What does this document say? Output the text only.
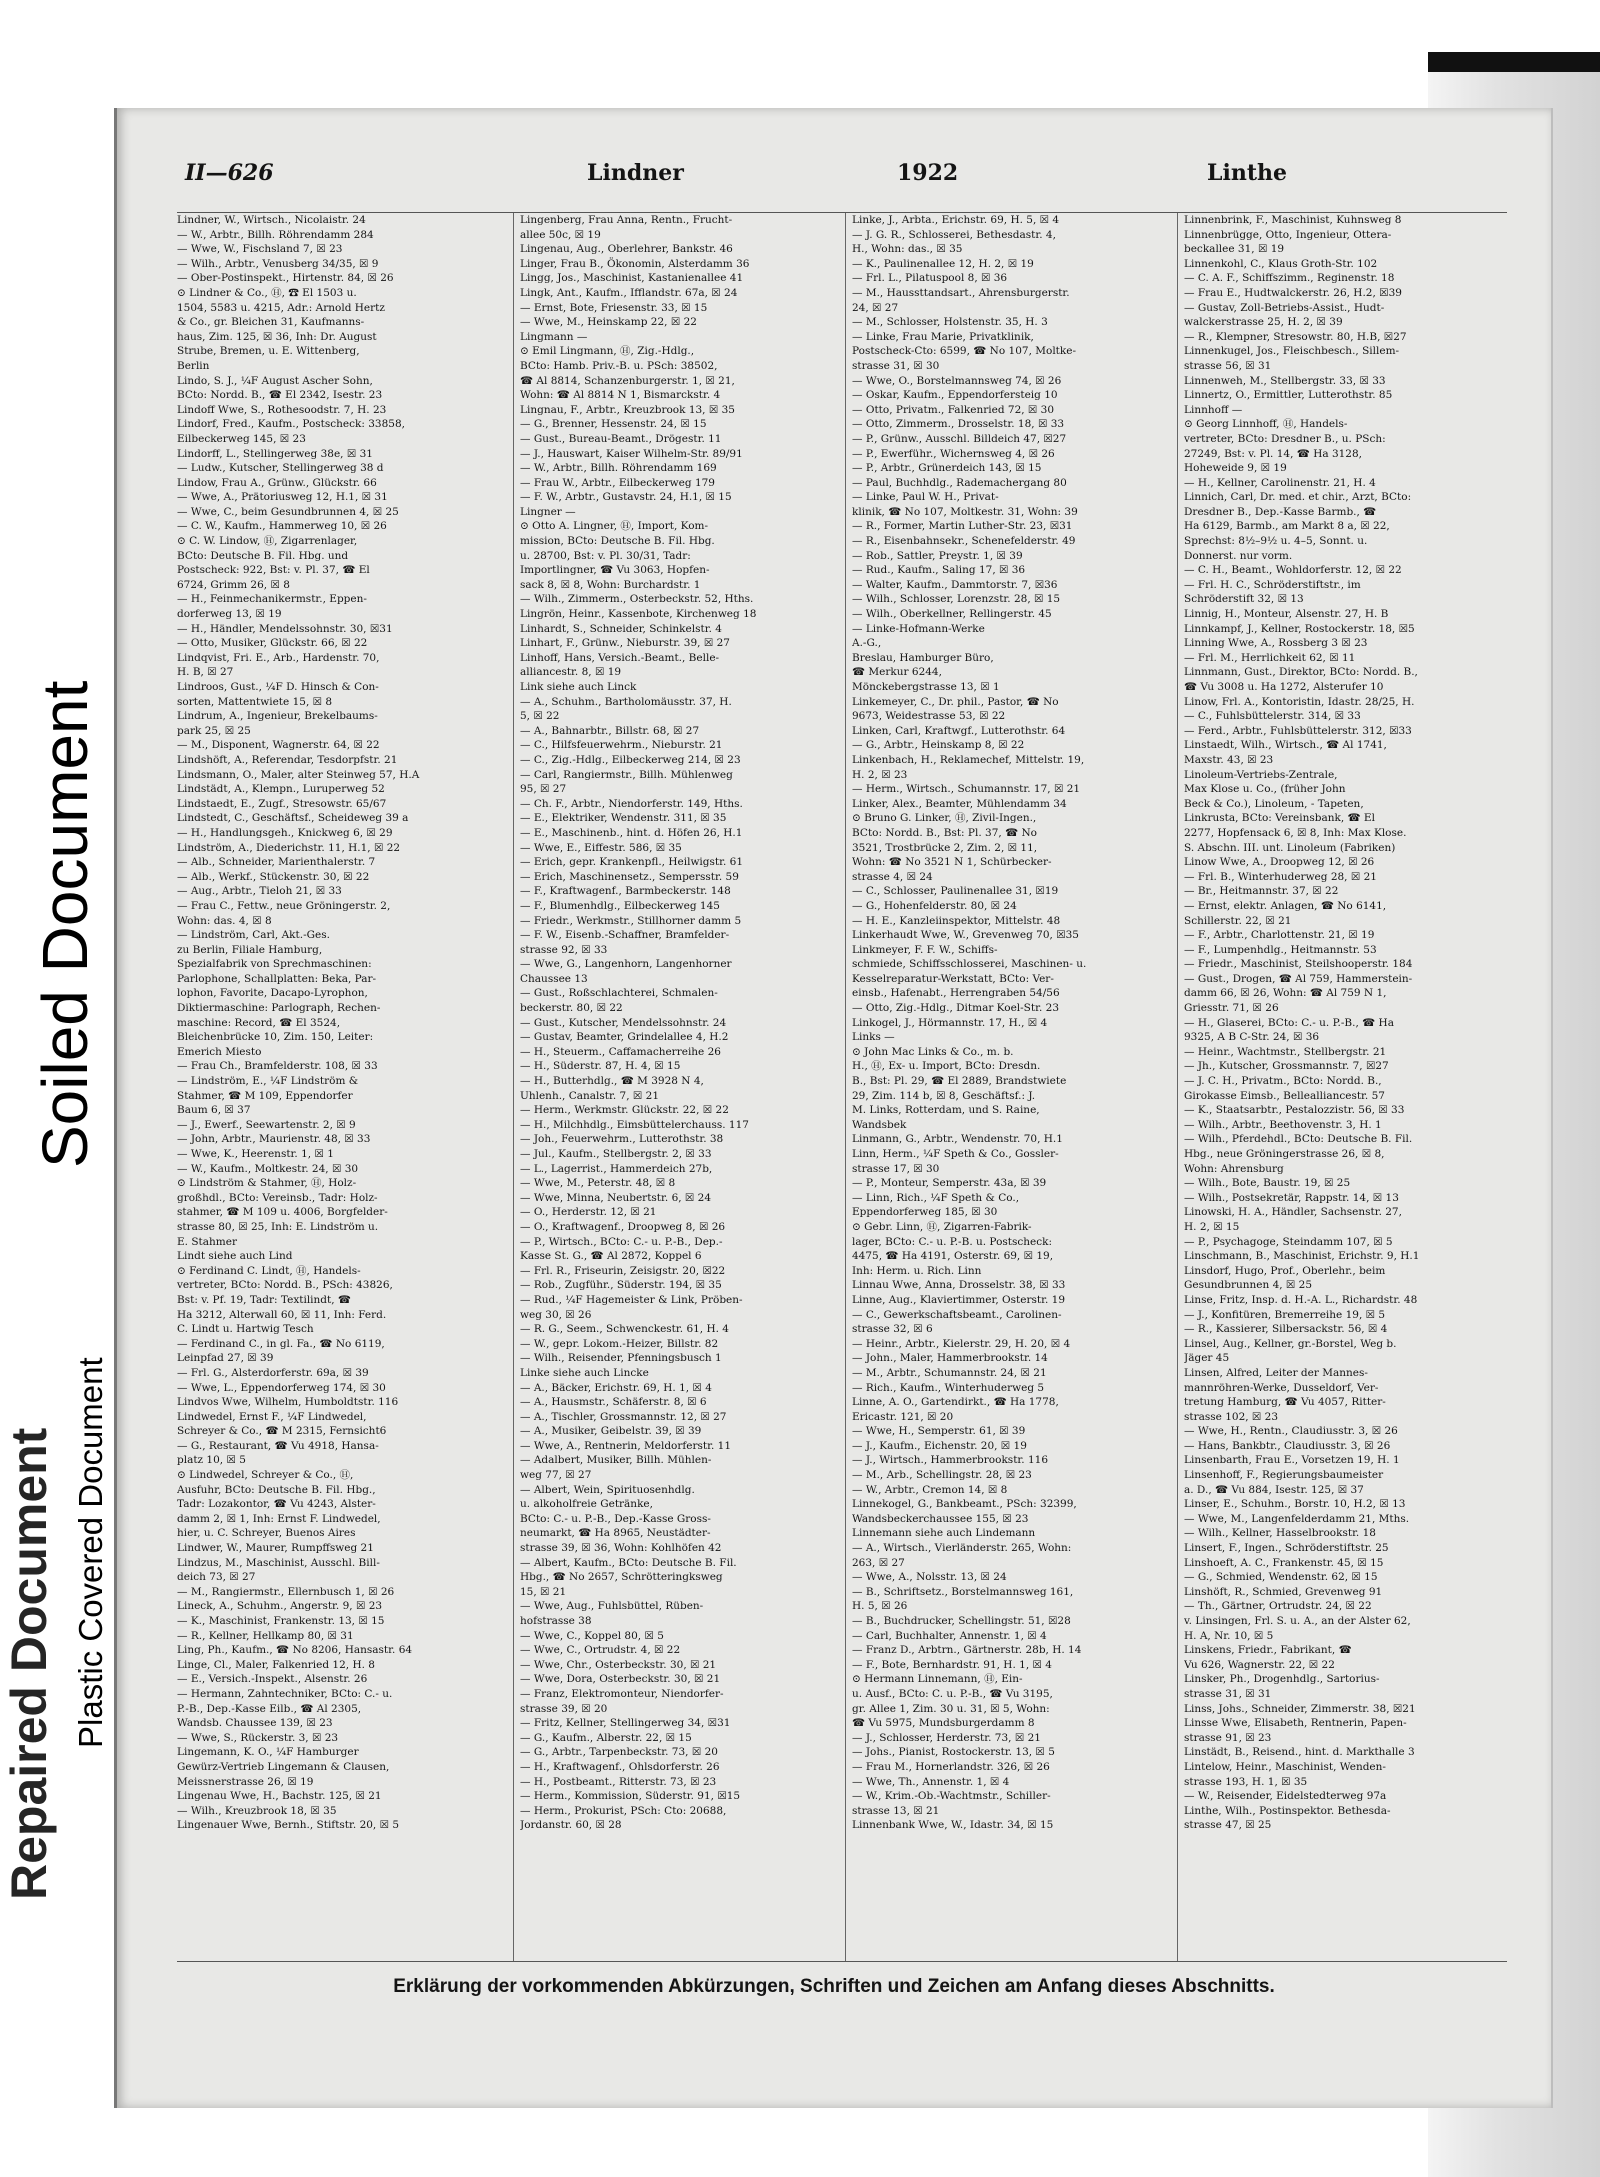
Soiled Document
Plastic Covered Document
Repaired Document
II—626	Lindner	1922	Linthe

Lindner, W., Wirtsch., Nicolaistr. 24

— W., Arbtr., Billh. Röhrendamm 284

— Wwe, W., Fischsland 7, ☒ 23

— Wilh., Arbtr., Venusberg 34/35, ☒ 9

— Ober-Postinspekt., Hirtenstr. 84, ☒ 26

⊙ Lindner & Co., Ⓗ, ☎ El 1503 u.

1504, 5583 u. 4215, Adr.: Arnold Hertz

& Co., gr. Bleichen 31, Kaufmanns-

haus, Zim. 125, ☒ 36, Inh: Dr. August

Strube, Bremen, u. E. Wittenberg,

Berlin

Lindo, S. J., ¼F August Ascher Sohn,

BCto: Nordd. B., ☎ El 2342, Isestr. 23

Lindoff Wwe, S., Rothesoodstr. 7, H. 23

Lindorf, Fred., Kaufm., Postscheck: 33858,

Eilbeckerweg 145, ☒ 23

Lindorff, L., Stellingerweg 38e, ☒ 31

— Ludw., Kutscher, Stellingerweg 38 d

Lindow, Frau A., Grünw., Glückstr. 66

— Wwe, A., Prätoriusweg 12, H.1, ☒ 31

— Wwe, C., beim Gesundbrunnen 4, ☒ 25

— C. W., Kaufm., Hammerweg 10, ☒ 26

⊙ C. W. Lindow, Ⓗ, Zigarrenlager,

BCto: Deutsche B. Fil. Hbg. und

Postscheck: 922, Bst: v. Pl. 37, ☎ El

6724, Grimm 26, ☒ 8

— H., Feinmechanikermstr., Eppen-

dorferweg 13, ☒ 19

— H., Händler, Mendelssohnstr. 30, ☒31

— Otto, Musiker, Glückstr. 66, ☒ 22

Lindqvist, Fri. E., Arb., Hardenstr. 70,

H. B, ☒ 27

Lindroos, Gust., ¼F D. Hinsch & Con-

sorten, Mattentwiete 15, ☒ 8

Lindrum, A., Ingenieur, Brekelbaums-

park 25, ☒ 25

— M., Disponent, Wagnerstr. 64, ☒ 22

Lindshöft, A., Referendar, Tesdorpfstr. 21

Lindsmann, O., Maler, alter Steinweg 57, H.A

Lindstädt, A., Klempn., Luruperweg 52

Lindstaedt, E., Zugf., Stresowstr. 65/67

Lindstedt, C., Geschäftsf., Scheideweg 39 a

— H., Handlungsgeh., Knickweg 6, ☒ 29

Lindström, A., Diederichstr. 11, H.1, ☒ 22

— Alb., Schneider, Marienthalerstr. 7

— Alb., Werkf., Stückenstr. 30, ☒ 22

— Aug., Arbtr., Tieloh 21, ☒ 33

— Frau C., Fettw., neue Gröningerstr. 2,

Wohn: das. 4, ☒ 8

— Lindström, Carl, Akt.-Ges.

zu Berlin, Filiale Hamburg,

Spezialfabrik von Sprechmaschinen:

Parlophone, Schallplatten: Beka, Par-

lophon, Favorite, Dacapo-Lyrophon,

Diktiermaschine: Parlograph, Rechen-

maschine: Record, ☎ El 3524,

Bleichenbrücke 10, Zim. 150, Leiter:

Emerich Miesto

— Frau Ch., Bramfelderstr. 108, ☒ 33

— Lindström, E., ¼F Lindström &

Stahmer, ☎ M 109, Eppendorfer

Baum 6, ☒ 37

— J., Ewerf., Seewartenstr. 2, ☒ 9

— John, Arbtr., Maurienstr. 48, ☒ 33

— Wwe, K., Heerenstr. 1, ☒ 1

— W., Kaufm., Moltkestr. 24, ☒ 30

⊙ Lindström & Stahmer, Ⓗ, Holz-

großhdl., BCto: Vereinsb., Tadr: Holz-

stahmer, ☎ M 109 u. 4006, Borgfelder-

strasse 80, ☒ 25, Inh: E. Lindström u.

E. Stahmer

Lindt siehe auch Lind

⊙ Ferdinand C. Lindt, Ⓗ, Handels-

vertreter, BCto: Nordd. B., PSch: 43826,

Bst: v. Pf. 19, Tadr: Textilindt, ☎

Ha 3212, Alterwall 60, ☒ 11, Inh: Ferd.

C. Lindt u. Hartwig Tesch

— Ferdinand C., in gl. Fa., ☎ No 6119,

Leinpfad 27, ☒ 39

— Frl. G., Alsterdorferstr. 69a, ☒ 39

— Wwe, L., Eppendorferweg 174, ☒ 30

Lindvos Wwe, Wilhelm, Humboldtstr. 116

Lindwedel, Ernst F., ¼F Lindwedel,

Schreyer & Co., ☎ M 2315, Fernsicht6

— G., Restaurant, ☎ Vu 4918, Hansa-

platz 10, ☒ 5

⊙ Lindwedel, Schreyer & Co., Ⓗ,

Ausfuhr, BCto: Deutsche B. Fil. Hbg.,

Tadr: Lozakontor, ☎ Vu 4243, Alster-

damm 2, ☒ 1, Inh: Ernst F. Lindwedel,

hier, u. C. Schreyer, Buenos Aires

Lindwer, W., Maurer, Rumpffsweg 21

Lindzus, M., Maschinist, Ausschl. Bill-

deich 73, ☒ 27

— M., Rangiermstr., Ellernbusch 1, ☒ 26

Lineck, A., Schuhm., Angerstr. 9, ☒ 23

— K., Maschinist, Frankenstr. 13, ☒ 15

— R., Kellner, Hellkamp 80, ☒ 31

Ling, Ph., Kaufm., ☎ No 8206, Hansastr. 64

Linge, Cl., Maler, Falkenried 12, H. 8

— E., Versich.-Inspekt., Alsenstr. 26

— Hermann, Zahntechniker, BCto: C.- u.

P.-B., Dep.-Kasse Eilb., ☎ Al 2305,

Wandsb. Chaussee 139, ☒ 23

— Wwe, S., Rückerstr. 3, ☒ 23

Lingemann, K. O., ¼F Hamburger

Gewürz-Vertrieb Lingemann & Clausen,

Meissnerstrasse 26, ☒ 19

Lingenau Wwe, H., Bachstr. 125, ☒ 21

— Wilh., Kreuzbrook 18, ☒ 35

Lingenauer Wwe, Bernh., Stiftstr. 20, ☒ 5

Lingenberg, Frau Anna, Rentn., Frucht-

allee 50c, ☒ 19

Lingenau, Aug., Oberlehrer, Bankstr. 46

Linger, Frau B., Ökonomin, Alsterdamm 36

Lingg, Jos., Maschinist, Kastanienallee 41

Lingk, Ant., Kaufm., Ifflandstr. 67a, ☒ 24

— Ernst, Bote, Friesenstr. 33, ☒ 15

— Wwe, M., Heinskamp 22, ☒ 22

Lingmann —

⊙ Emil Lingmann, Ⓗ, Zig.-Hdlg.,

BCto: Hamb. Priv.-B. u. PSch: 38502,

☎ Al 8814, Schanzenburgerstr. 1, ☒ 21,

Wohn: ☎ Al 8814 N 1, Bismarckstr. 4

Lingnau, F., Arbtr., Kreuzbrook 13, ☒ 35

— G., Brenner, Hessenstr. 24, ☒ 15

— Gust., Bureau-Beamt., Drögestr. 11

— J., Hauswart, Kaiser Wilhelm-Str. 89/91

— W., Arbtr., Billh. Röhrendamm 169

— Frau W., Arbtr., Eilbeckerweg 179

— F. W., Arbtr., Gustavstr. 24, H.1, ☒ 15

Lingner —

⊙ Otto A. Lingner, Ⓗ, Import, Kom-

mission, BCto: Deutsche B. Fil. Hbg.

u. 28700, Bst: v. Pl. 30/31, Tadr:

Importlingner, ☎ Vu 3063, Hopfen-

sack 8, ☒ 8, Wohn: Burchardstr. 1

— Wilh., Zimmerm., Osterbeckstr. 52, Hths.

Lingrön, Heinr., Kassenbote, Kirchenweg 18

Linhardt, S., Schneider, Schinkelstr. 4

Linhart, F., Grünw., Nieburstr. 39, ☒ 27

Linhoff, Hans, Versich.-Beamt., Belle-

alliancestr. 8, ☒ 19

Link siehe auch Linck

— A., Schuhm., Bartholomäusstr. 37, H.

5, ☒ 22

— A., Bahnarbtr., Billstr. 68, ☒ 27

— C., Hilfsfeuerwehrm., Nieburstr. 21

— C., Zig.-Hdlg., Eilbeckerweg 214, ☒ 23

— Carl, Rangiermstr., Billh. Mühlenweg

95, ☒ 27

— Ch. F., Arbtr., Niendorferstr. 149, Hths.

— E., Elektriker, Wendenstr. 311, ☒ 35

— E., Maschinenb., hint. d. Höfen 26, H.1

— Wwe, E., Eiffestr. 586, ☒ 35

— Erich, gepr. Krankenpfl., Heilwigstr. 61

— Erich, Maschinensetz., Sempersstr. 59

— F., Kraftwagenf., Barmbeckerstr. 148

— F., Blumenhdlg., Eilbeckerweg 145

— Friedr., Werkmstr., Stillhorner damm 5

— F. W., Eisenb.-Schaffner, Bramfelder-

strasse 92, ☒ 33

— Wwe, G., Langenhorn, Langenhorner

Chaussee 13

— Gust., Roßschlachterei, Schmalen-

beckerstr. 80, ☒ 22

— Gust., Kutscher, Mendelssohnstr. 24

— Gustav, Beamter, Grindelallee 4, H.2

— H., Steuerm., Caffamacherreihe 26

— H., Süderstr. 87, H. 4, ☒ 15

— H., Butterhdlg., ☎ M 3928 N 4,

Uhlenh., Canalstr. 7, ☒ 21

— Herm., Werkmstr. Glückstr. 22, ☒ 22

— H., Milchhdlg., Eimsbüttelerchauss. 117

— Joh., Feuerwehrm., Lutterothstr. 38

— Jul., Kaufm., Stellbergstr. 2, ☒ 33

— L., Lagerrist., Hammerdeich 27b,

— Wwe, M., Peterstr. 48, ☒ 8

— Wwe, Minna, Neubertstr. 6, ☒ 24

— O., Herderstr. 12, ☒ 21

— O., Kraftwagenf., Droopweg 8, ☒ 26

— P., Wirtsch., BCto: C.- u. P.-B., Dep.-

Kasse St. G., ☎ Al 2872, Koppel 6

— Frl. R., Friseurin, Zeisigstr. 20, ☒22

— Rob., Zugführ., Süderstr. 194, ☒ 35

— Rud., ¼F Hagemeister & Link, Pröben-

weg 30, ☒ 26

— R. G., Seem., Schwenckestr. 61, H. 4

— W., gepr. Lokom.-Heizer, Billstr. 82

— Wilh., Reisender, Pfenningsbusch 1

Linke siehe auch Lincke

— A., Bäcker, Erichstr. 69, H. 1, ☒ 4

— A., Hausmstr., Schäferstr. 8, ☒ 6

— A., Tischler, Grossmannstr. 12, ☒ 27

— A., Musiker, Geibelstr. 39, ☒ 39

— Wwe, A., Rentnerin, Meldorferstr. 11

— Adalbert, Musiker, Billh. Mühlen-

weg 77, ☒ 27

— Albert, Wein, Spirituosenhdlg.

u. alkoholfreie Getränke,

BCto: C.- u. P.-B., Dep.-Kasse Gross-

neumarkt, ☎ Ha 8965, Neustädter-

strasse 39, ☒ 36, Wohn: Kohlhöfen 42

— Albert, Kaufm., BCto: Deutsche B. Fil.

Hbg., ☎ No 2657, Schrötteringksweg

15, ☒ 21

— Wwe, Aug., Fuhlsbüttel, Rüben-

hofstrasse 38

— Wwe, C., Koppel 80, ☒ 5

— Wwe, C., Ortrudstr. 4, ☒ 22

— Wwe, Chr., Osterbeckstr. 30, ☒ 21

— Wwe, Dora, Osterbeckstr. 30, ☒ 21

— Franz, Elektromonteur, Niendorfer-

strasse 39, ☒ 20

— Fritz, Kellner, Stellingerweg 34, ☒31

— G., Kaufm., Alberstr. 22, ☒ 15

— G., Arbtr., Tarpenbeckstr. 73, ☒ 20

— H., Kraftwagenf., Ohlsdorferstr. 26

— H., Postbeamt., Ritterstr. 73, ☒ 23

— Herm., Kommission, Süderstr. 91, ☒15

— Herm., Prokurist, PSch: Cto: 20688,

Jordanstr. 60, ☒ 28

Linke, J., Arbta., Erichstr. 69, H. 5, ☒ 4

— J. G. R., Schlosserei, Bethesdastr. 4,

H., Wohn: das., ☒ 35

— K., Paulinenallee 12, H. 2, ☒ 19

— Frl. L., Pilatuspool 8, ☒ 36

— M., Haussttandsart., Ahrensburgerstr.

24, ☒ 27

— M., Schlosser, Holstenstr. 35, H. 3

— Linke, Frau Marie, Privatklinik,

Postscheck-Cto: 6599, ☎ No 107, Moltke-

strasse 31, ☒ 30

— Wwe, O., Borstelmannsweg 74, ☒ 26

— Oskar, Kaufm., Eppendorfersteig 10

— Otto, Privatm., Falkenried 72, ☒ 30

— Otto, Zimmerm., Drosselstr. 18, ☒ 33

— P., Grünw., Ausschl. Billdeich 47, ☒27

— P., Ewerführ., Wichernsweg 4, ☒ 26

— P., Arbtr., Grünerdeich 143, ☒ 15

— Paul, Buchhdlg., Rademachergang 80

— Linke, Paul W. H., Privat-

klinik, ☎ No 107, Moltkestr. 31, Wohn: 39

— R., Former, Martin Luther-Str. 23, ☒31

— R., Eisenbahnsekr., Schenefelderstr. 49

— Rob., Sattler, Preystr. 1, ☒ 39

— Rud., Kaufm., Saling 17, ☒ 36

— Walter, Kaufm., Dammtorstr. 7, ☒36

— Wilh., Schlosser, Lorenzstr. 28, ☒ 15

— Wilh., Oberkellner, Rellingerstr. 45

— Linke-Hofmann-Werke

A.-G.,

Breslau, Hamburger Büro,

☎ Merkur 6244,

Mönckebergstrasse 13, ☒ 1

Linkemeyer, C., Dr. phil., Pastor, ☎ No

9673, Weidestrasse 53, ☒ 22

Linken, Carl, Kraftwgf., Lutterothstr. 64

— G., Arbtr., Heinskamp 8, ☒ 22

Linkenbach, H., Reklamechef, Mittelstr. 19,

H. 2, ☒ 23

— Herm., Wirtsch., Schumannstr. 17, ☒ 21

Linker, Alex., Beamter, Mühlendamm 34

⊙ Bruno G. Linker, Ⓗ, Zivil-Ingen.,

BCto: Nordd. B., Bst: Pl. 37, ☎ No

3521, Trostbrücke 2, Zim. 2, ☒ 11,

Wohn: ☎ No 3521 N 1, Schürbecker-

strasse 4, ☒ 24

— C., Schlosser, Paulinenallee 31, ☒19

— G., Hohenfelderstr. 80, ☒ 24

— H. E., Kanzleiinspektor, Mittelstr. 48

Linkerhaudt Wwe, W., Grevenweg 70, ☒35

Linkmeyer, F. F. W., Schiffs-

schmiede, Schiffsschlosserei, Maschinen- u.

Kesselreparatur-Werkstatt, BCto: Ver-

einsb., Hafenabt., Herrengraben 54/56

— Otto, Zig.-Hdlg., Ditmar Koel-Str. 23

Linkogel, J., Hörmannstr. 17, H., ☒ 4

Links —

⊙ John Mac Links & Co., m. b.

H., Ⓗ, Ex- u. Import, BCto: Dresdn.

B., Bst: Pl. 29, ☎ El 2889, Brandstwiete

29, Zim. 114 b, ☒ 8, Geschäftsf.: J.

M. Links, Rotterdam, und S. Raine,

Wandsbek

Linmann, G., Arbtr., Wendenstr. 70, H.1

Linn, Herm., ¼F Speth & Co., Gossler-

strasse 17, ☒ 30

— P., Monteur, Semperstr. 43a, ☒ 39

— Linn, Rich., ¼F Speth & Co.,

Eppendorferweg 185, ☒ 30

⊙ Gebr. Linn, Ⓗ, Zigarren-Fabrik-

lager, BCto: C.- u. P.-B. u. Postscheck:

4475, ☎ Ha 4191, Osterstr. 69, ☒ 19,

Inh: Herm. u. Rich. Linn

Linnau Wwe, Anna, Drosselstr. 38, ☒ 33

Linne, Aug., Klaviertimmer, Osterstr. 19

— C., Gewerkschaftsbeamt., Carolinen-

strasse 32, ☒ 6

— Heinr., Arbtr., Kielerstr. 29, H. 20, ☒ 4

— John., Maler, Hammerbrookstr. 14

— M., Arbtr., Schumannstr. 24, ☒ 21

— Rich., Kaufm., Winterhuderweg 5

Linne, A. O., Gartendirkt., ☎ Ha 1778,

Ericastr. 121, ☒ 20

— Wwe, H., Semperstr. 61, ☒ 39

— J., Kaufm., Eichenstr. 20, ☒ 19

— J., Wirtsch., Hammerbrookstr. 116

— M., Arb., Schellingstr. 28, ☒ 23

— W., Arbtr., Cremon 14, ☒ 8

Linnekogel, G., Bankbeamt., PSch: 32399,

Wandsbeckerchaussee 155, ☒ 23

Linnemann siehe auch Lindemann

— A., Wirtsch., Vierländerstr. 265, Wohn:

263, ☒ 27

— Wwe, A., Nolsstr. 13, ☒ 24

— B., Schriftsetz., Borstelmannsweg 161,

H. 5, ☒ 26

— B., Buchdrucker, Schellingstr. 51, ☒28

— Carl, Buchhalter, Annenstr. 1, ☒ 4

— Franz D., Arbtrn., Gärtnerstr. 28b, H. 14

— F., Bote, Bernhardstr. 91, H. 1, ☒ 4

⊙ Hermann Linnemann, Ⓗ, Ein-

u. Ausf., BCto: C. u. P.-B., ☎ Vu 3195,

gr. Allee 1, Zim. 30 u. 31, ☒ 5, Wohn:

☎ Vu 5975, Mundsburgerdamm 8

— J., Schlosser, Herderstr. 73, ☒ 21

— Johs., Pianist, Rostockerstr. 13, ☒ 5

— Frau M., Hornerlandstr. 326, ☒ 26

— Wwe, Th., Annenstr. 1, ☒ 4

— W., Krim.-Ob.-Wachtmstr., Schiller-

strasse 13, ☒ 21

Linnenbank Wwe, W., Idastr. 34, ☒ 15

Linnenbrink, F., Maschinist, Kuhnsweg 8

Linnenbrügge, Otto, Ingenieur, Ottera-

beckallee 31, ☒ 19

Linnenkohl, C., Klaus Groth-Str. 102

— C. A. F., Schiffszimm., Reginenstr. 18

— Frau E., Hudtwalckerstr. 26, H.2, ☒39

— Gustav, Zoll-Betriebs-Assist., Hudt-

walckerstrasse 25, H. 2, ☒ 39

— R., Klempner, Stresowstr. 80, H.B, ☒27

Linnenkugel, Jos., Fleischbesch., Sillem-

strasse 56, ☒ 31

Linnenweh, M., Stellbergstr. 33, ☒ 33

Linnertz, O., Ermittler, Lutterothstr. 85

Linnhoff —

⊙ Georg Linnhoff, Ⓗ, Handels-

vertreter, BCto: Dresdner B., u. PSch:

27249, Bst: v. Pl. 14, ☎ Ha 3128,

Hoheweide 9, ☒ 19

— H., Kellner, Carolinenstr. 21, H. 4

Linnich, Carl, Dr. med. et chir., Arzt, BCto:

Dresdner B., Dep.-Kasse Barmb., ☎

Ha 6129, Barmb., am Markt 8 a, ☒ 22,

Sprechst: 8½–9½ u. 4–5, Sonnt. u.

Donnerst. nur vorm.

— C. H., Beamt., Wohldorferstr. 12, ☒ 22

— Frl. H. C., Schröderstiftstr., im

Schröderstift 32, ☒ 13

Linnig, H., Monteur, Alsenstr. 27, H. B

Linnkampf, J., Kellner, Rostockerstr. 18, ☒5

Linning Wwe, A., Rossberg 3 ☒ 23

— Frl. M., Herrlichkeit 62, ☒ 11

Linnmann, Gust., Direktor, BCto: Nordd. B.,

☎ Vu 3008 u. Ha 1272, Alsterufer 10

Linow, Frl. A., Kontoristin, Idastr. 28/25, H.

— C., Fuhlsbüttelerstr. 314, ☒ 33

— Ferd., Arbtr., Fuhlsbüttelerstr. 312, ☒33

Linstaedt, Wilh., Wirtsch., ☎ Al 1741,

Maxstr. 43, ☒ 23

Linoleum-Vertriebs-Zentrale,

Max Klose u. Co., (früher John

Beck & Co.), Linoleum, - Tapeten,

Linkrusta, BCto: Vereinsbank, ☎ El

2277, Hopfensack 6, ☒ 8, Inh: Max Klose.

S. Abschn. III. unt. Linoleum (Fabriken)

Linow Wwe, A., Droopweg 12, ☒ 26

— Frl. B., Winterhuderweg 28, ☒ 21

— Br., Heitmannstr. 37, ☒ 22

— Ernst, elektr. Anlagen, ☎ No 6141,

Schillerstr. 22, ☒ 21

— F., Arbtr., Charlottenstr. 21, ☒ 19

— F., Lumpenhdlg., Heitmannstr. 53

— Friedr., Maschinist, Steilshooperstr. 184

— Gust., Drogen, ☎ Al 759, Hammerstein-

damm 66, ☒ 26, Wohn: ☎ Al 759 N 1,

Griesstr. 71, ☒ 26

— H., Glaserei, BCto: C.- u. P.-B., ☎ Ha

9325, A B C-Str. 24, ☒ 36

— Heinr., Wachtmstr., Stellbergstr. 21

— Jh., Kutscher, Grossmannstr. 7, ☒27

— J. C. H., Privatm., BCto: Nordd. B.,

Girokasse Eimsb., Bellealliancestr. 57

— K., Staatsarbtr., Pestalozzistr. 56, ☒ 33

— Wilh., Arbtr., Beethovenstr. 3, H. 1

— Wilh., Pferdehdl., BCto: Deutsche B. Fil.

Hbg., neue Gröningerstrasse 26, ☒ 8,

Wohn: Ahrensburg

— Wilh., Bote, Baustr. 19, ☒ 25

— Wilh., Postsekretär, Rappstr. 14, ☒ 13

Linowski, H. A., Händler, Sachsenstr. 27,

H. 2, ☒ 15

— P., Psychagoge, Steindamm 107, ☒ 5

Linschmann, B., Maschinist, Erichstr. 9, H.1

Linsdorf, Hugo, Prof., Oberlehr., beim

Gesundbrunnen 4, ☒ 25

Linse, Fritz, Insp. d. H.-A. L., Richardstr. 48

— J., Konfitüren, Bremerreihe 19, ☒ 5

— R., Kassierer, Silbersackstr. 56, ☒ 4

Linsel, Aug., Kellner, gr.-Borstel, Weg b.

Jäger 45

Linsen, Alfred, Leiter der Mannes-

mannröhren-Werke, Dusseldorf, Ver-

tretung Hamburg, ☎ Vu 4057, Ritter-

strasse 102, ☒ 23

— Wwe, H., Rentn., Claudiusstr. 3, ☒ 26

— Hans, Bankbtr., Claudiusstr. 3, ☒ 26

Linsenbarth, Frau E., Vorsetzen 19, H. 1

Linsenhoff, F., Regierungsbaumeister

a. D., ☎ Vu 884, Isestr. 125, ☒ 37

Linser, E., Schuhm., Borstr. 10, H.2, ☒ 13

— Wwe, M., Langenfelderdamm 21, Mths.

— Wilh., Kellner, Hasselbrookstr. 18

Linsert, F., Ingen., Schröderstiftstr. 25

Linshoeft, A. C., Frankenstr. 45, ☒ 15

— G., Schmied, Wendenstr. 62, ☒ 15

Linshöft, R., Schmied, Grevenweg 91

— Th., Gärtner, Ortrudstr. 24, ☒ 22

v. Linsingen, Frl. S. u. A., an der Alster 62,

H. A, Nr. 10, ☒ 5

Linskens, Friedr., Fabrikant, ☎

Vu 626, Wagnerstr. 22, ☒ 22

Linsker, Ph., Drogenhdlg., Sartorius-

strasse 31, ☒ 31

Linss, Johs., Schneider, Zimmerstr. 38, ☒21

Linsse Wwe, Elisabeth, Rentnerin, Papen-

strasse 91, ☒ 23

Linstädt, B., Reisend., hint. d. Markthalle 3

Lintelow, Heinr., Maschinist, Wenden-

strasse 193, H. 1, ☒ 35

— W., Reisender, Eidelstedterweg 97a

Linthe, Wilh., Postinspektor. Bethesda-

strasse 47, ☒ 25

Erklärung der vorkommenden Abkürzungen, Schriften und Zeichen am Anfang dieses Abschnitts.
